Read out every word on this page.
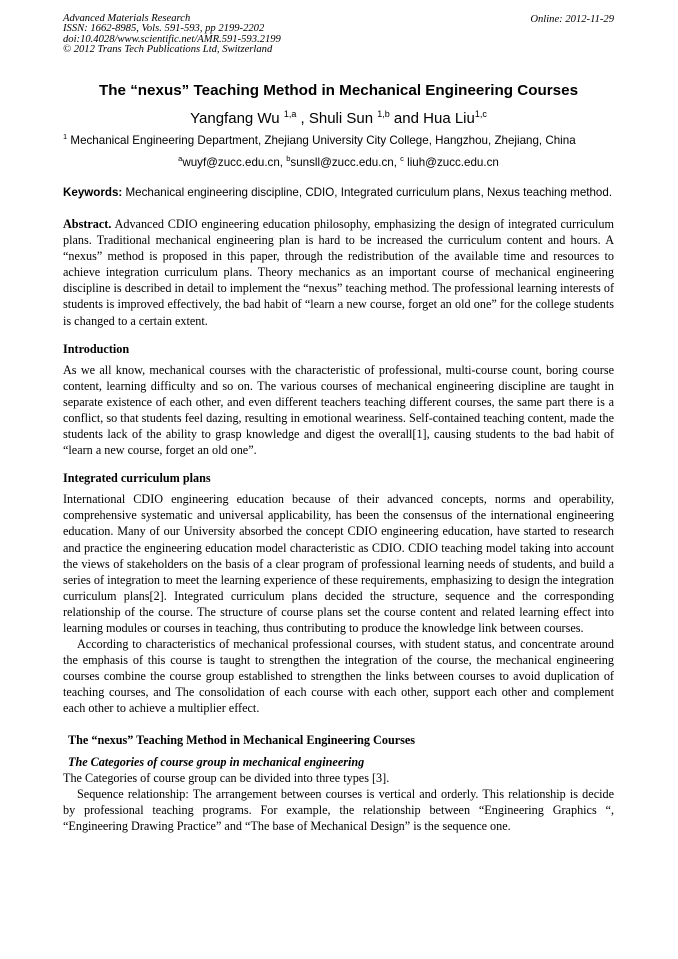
Advanced Materials Research
ISSN: 1662-8985, Vols. 591-593, pp 2199-2202
doi:10.4028/www.scientific.net/AMR.591-593.2199
© 2012 Trans Tech Publications Ltd, Switzerland
Online: 2012-11-29
The “nexus” Teaching Method in Mechanical Engineering Courses
Yangfang Wu $^{1,a}$ , Shuli Sun $^{1,b}$ and Hua Liu$^{1,c}$
$^1$ Mechanical Engineering Department, Zhejiang University City College, Hangzhou, Zhejiang, China
$^a$wuyf@zucc.edu.cn, $^b$sunsll@zucc.edu.cn, $^c$ liuh@zucc.edu.cn
Keywords: Mechanical engineering discipline, CDIO, Integrated curriculum plans, Nexus teaching method.

Abstract. Advanced CDIO engineering education philosophy, emphasizing the design of integrated curriculum plans. Traditional mechanical engineering plan is hard to be increased the curriculum content and hours. A “nexus” method is proposed in this paper, through the redistribution of the available time and resources to achieve integration curriculum plans. Theory mechanics as an important course of mechanical engineering discipline is described in detail to implement the “nexus” teaching method. The professional learning interests of students is improved effectively, the bad habit of “learn a new course, forget an old one” for the college students is changed to a certain extent.

Introduction

As we all know, mechanical courses with the characteristic of professional, multi-course count, boring course content, learning difficulty and so on. The various courses of mechanical engineering discipline are taught in separate existence of each other, and even different teachers teaching different courses, the same part there is a conflict, so that students feel dazing, resulting in emotional weariness. Self-contained teaching content, made the students lack of the ability to grasp knowledge and digest the overall[1], causing students to the bad habit of “learn a new course, forget an old one”.

Integrated curriculum plans

International CDIO engineering education because of their advanced concepts, norms and operability, comprehensive systematic and universal applicability, has been the consensus of the international engineering education. Many of our University absorbed the concept CDIO engineering education, have started to research and practice the engineering education model characteristic as CDIO. CDIO teaching model taking into account the views of stakeholders on the basis of a clear program of professional learning needs of students, and build a series of integration to meet the learning experience of these requirements, emphasizing to design the integration curriculum plans[2]. Integrated curriculum plans decided the structure, sequence and the corresponding relationship of the course. The structure of course plans set the course content and related learning effect into learning modules or courses in teaching, thus contributing to produce the knowledge link between courses.

According to characteristics of mechanical professional courses, with student status, and concentrate around the emphasis of this course is taught to strengthen the integration of the course, the mechanical engineering courses combine the course group established to strengthen the links between courses to avoid duplication of teaching courses, and The consolidation of each course with each other, support each other and complement each other to achieve a multiplier effect.

The “nexus” Teaching Method in Mechanical Engineering Courses
The Categories of course group in mechanical engineering

The Categories of course group can be divided into three types [3].

Sequence relationship: The arrangement between courses is vertical and orderly. This relationship is decide by professional teaching programs. For example, the relationship between “Engineering Graphics “, “Engineering Drawing Practice” and “The base of Mechanical Design” is the sequence one.
